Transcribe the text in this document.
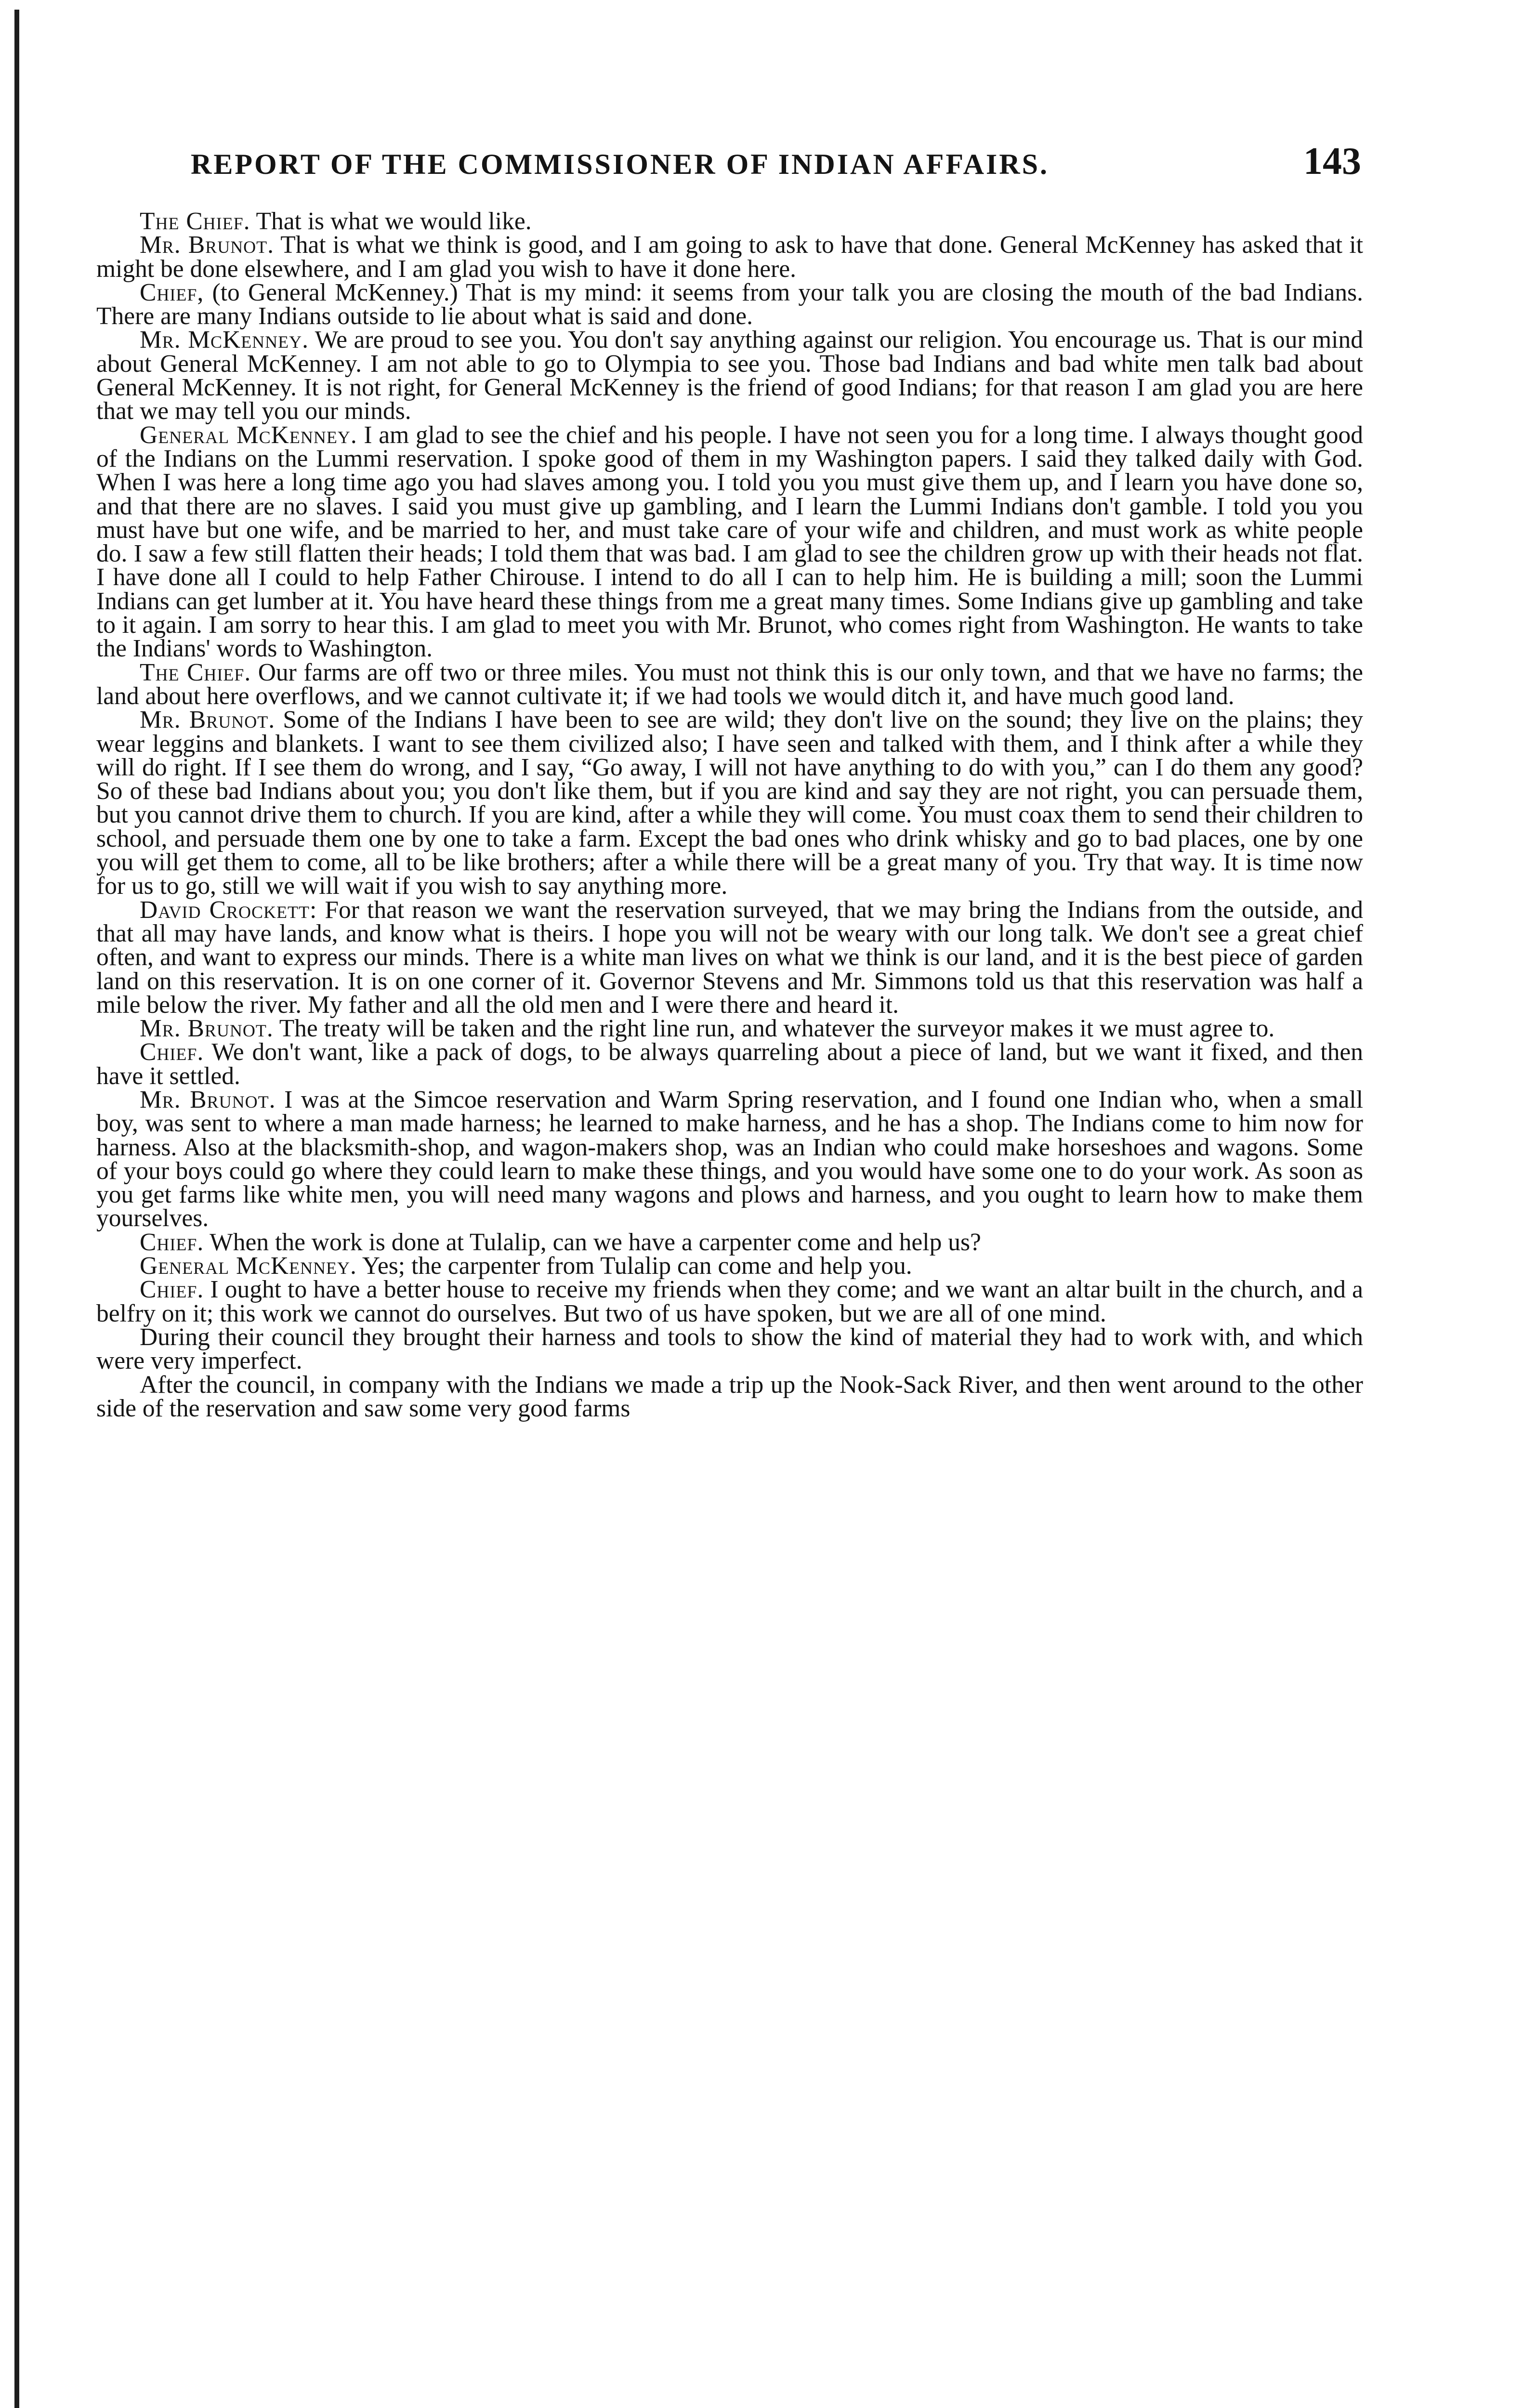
REPORT OF THE COMMISSIONER OF INDIAN AFFAIRS.	143

The Chief. That is what we would like.

Mr. Brunot. That is what we think is good, and I am going to ask to have that done. General McKenney has asked that it might be done elsewhere, and I am glad you wish to have it done here.

Chief, (to General McKenney.) That is my mind: it seems from your talk you are closing the mouth of the bad Indians. There are many Indians outside to lie about what is said and done.

Mr. McKenney. We are proud to see you. You don't say anything against our religion. You encourage us. That is our mind about General McKenney. I am not able to go to Olympia to see you. Those bad Indians and bad white men talk bad about General McKenney. It is not right, for General McKenney is the friend of good Indians; for that reason I am glad you are here that we may tell you our minds.

General McKenney. I am glad to see the chief and his people. I have not seen you for a long time. I always thought good of the Indians on the Lummi reservation. I spoke good of them in my Washington papers. I said they talked daily with God. When I was here a long time ago you had slaves among you. I told you you must give them up, and I learn you have done so, and that there are no slaves. I said you must give up gambling, and I learn the Lummi Indians don't gamble. I told you you must have but one wife, and be married to her, and must take care of your wife and children, and must work as white people do. I saw a few still flatten their heads; I told them that was bad. I am glad to see the children grow up with their heads not flat. I have done all I could to help Father Chirouse. I intend to do all I can to help him. He is building a mill; soon the Lummi Indians can get lumber at it. You have heard these things from me a great many times. Some Indians give up gambling and take to it again. I am sorry to hear this. I am glad to meet you with Mr. Brunot, who comes right from Washington. He wants to take the Indians' words to Washington.

The Chief. Our farms are off two or three miles. You must not think this is our only town, and that we have no farms; the land about here overflows, and we cannot cultivate it; if we had tools we would ditch it, and have much good land.

Mr. Brunot. Some of the Indians I have been to see are wild; they don't live on the sound; they live on the plains; they wear leggins and blankets. I want to see them civilized also; I have seen and talked with them, and I think after a while they will do right. If I see them do wrong, and I say, “Go away, I will not have anything to do with you,” can I do them any good? So of these bad Indians about you; you don't like them, but if you are kind and say they are not right, you can persuade them, but you cannot drive them to church. If you are kind, after a while they will come. You must coax them to send their children to school, and persuade them one by one to take a farm. Except the bad ones who drink whisky and go to bad places, one by one you will get them to come, all to be like brothers; after a while there will be a great many of you. Try that way. It is time now for us to go, still we will wait if you wish to say anything more.

David Crockett: For that reason we want the reservation surveyed, that we may bring the Indians from the outside, and that all may have lands, and know what is theirs. I hope you will not be weary with our long talk. We don't see a great chief often, and want to express our minds. There is a white man lives on what we think is our land, and it is the best piece of garden land on this reservation. It is on one corner of it. Governor Stevens and Mr. Simmons told us that this reservation was half a mile below the river. My father and all the old men and I were there and heard it.

Mr. Brunot. The treaty will be taken and the right line run, and whatever the surveyor makes it we must agree to.

Chief. We don't want, like a pack of dogs, to be always quarreling about a piece of land, but we want it fixed, and then have it settled.

Mr. Brunot. I was at the Simcoe reservation and Warm Spring reservation, and I found one Indian who, when a small boy, was sent to where a man made harness; he learned to make harness, and he has a shop. The Indians come to him now for harness. Also at the blacksmith-shop, and wagon-makers shop, was an Indian who could make horseshoes and wagons. Some of your boys could go where they could learn to make these things, and you would have some one to do your work. As soon as you get farms like white men, you will need many wagons and plows and harness, and you ought to learn how to make them yourselves.

Chief. When the work is done at Tulalip, can we have a carpenter come and help us?

General McKenney. Yes; the carpenter from Tulalip can come and help you.

Chief. I ought to have a better house to receive my friends when they come; and we want an altar built in the church, and a belfry on it; this work we cannot do ourselves. But two of us have spoken, but we are all of one mind.

During their council they brought their harness and tools to show the kind of material they had to work with, and which were very imperfect.

After the council, in company with the Indians we made a trip up the Nook-Sack River, and then went around to the other side of the reservation and saw some very good farms
